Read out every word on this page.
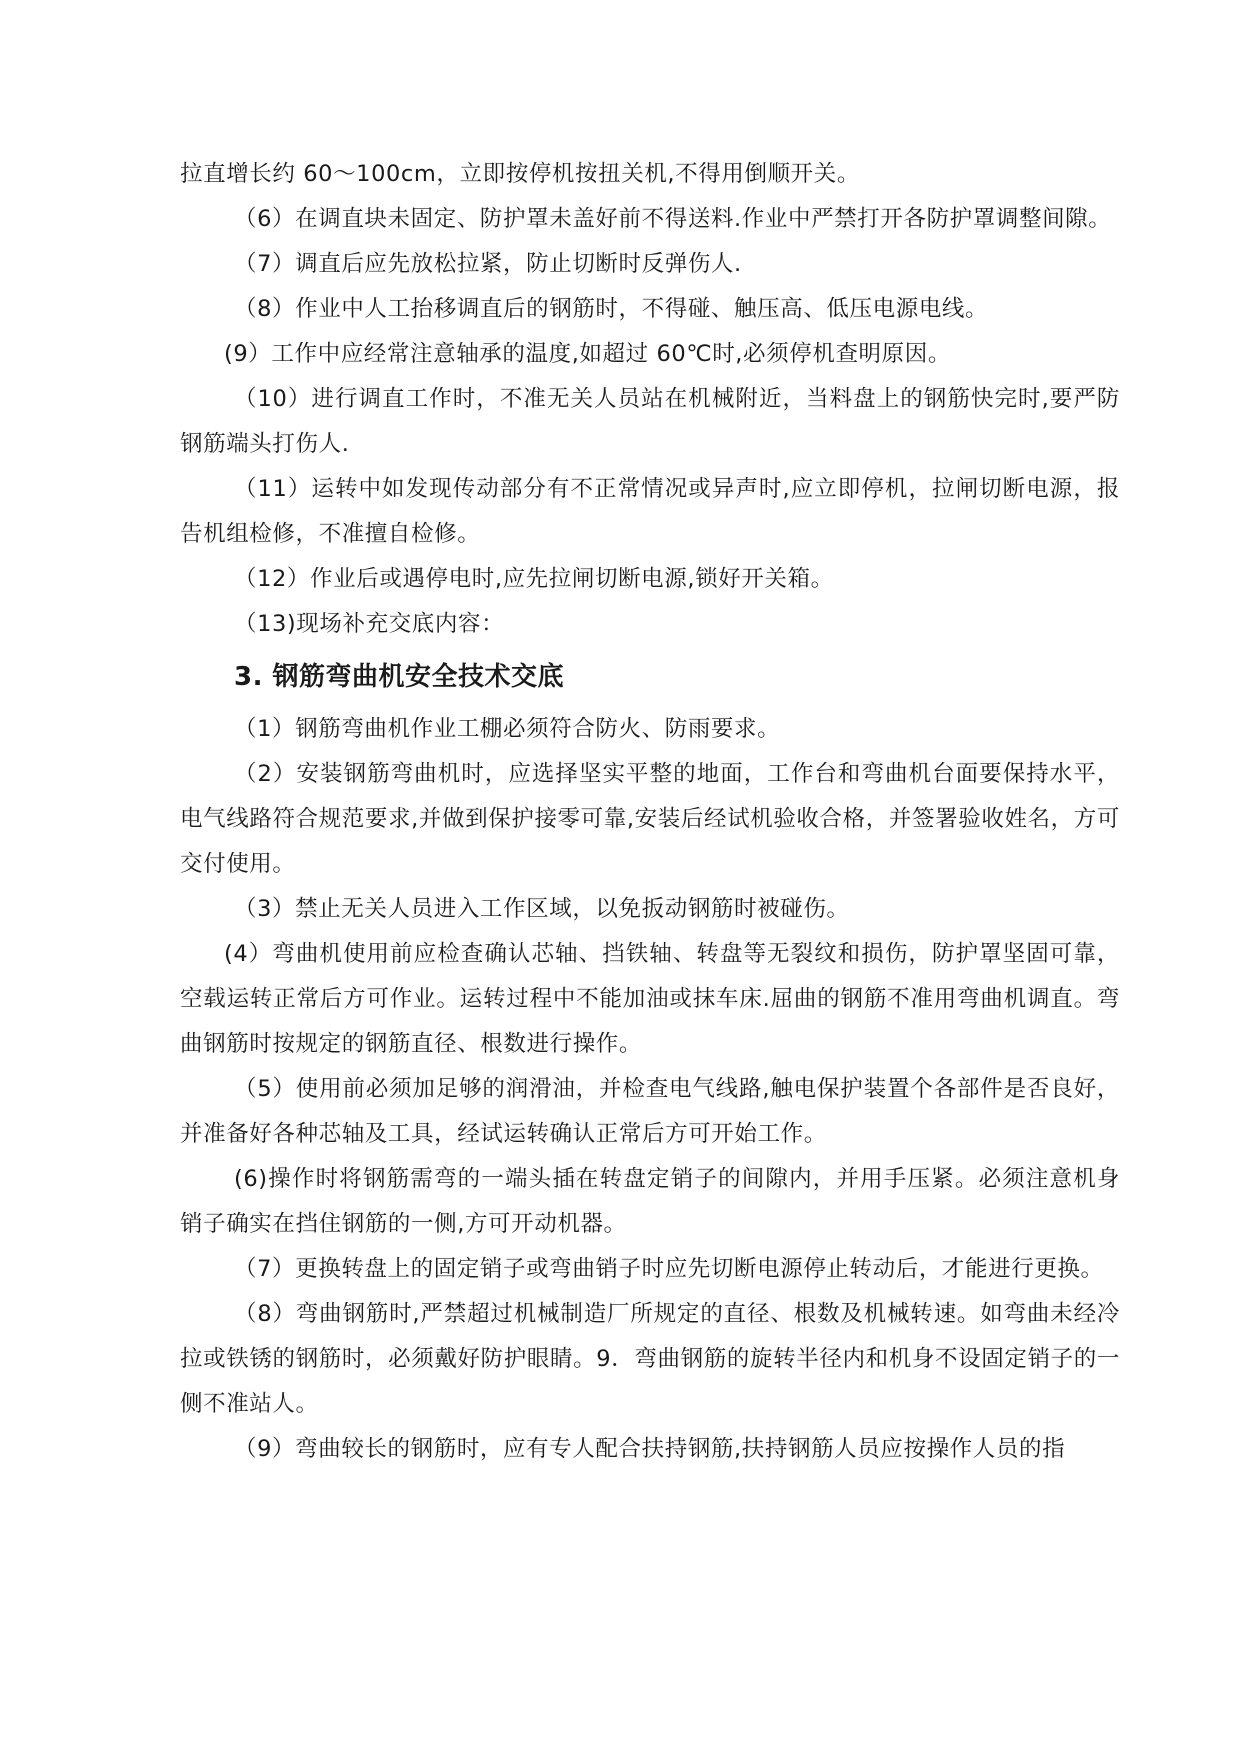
拉直增长约 60～100cm，立即按停机按扭关机,不得用倒顺开关。

（6）在调直块未固定、防护罩未盖好前不得送料.作业中严禁打开各防护罩调整间隙。

（7）调直后应先放松拉紧，防止切断时反弹伤人.

（8）作业中人工抬移调直后的钢筋时，不得碰、触压高、低压电源电线。

(9）工作中应经常注意轴承的温度,如超过 60℃时,必须停机查明原因。

（10）进行调直工作时，不准无关人员站在机械附近，当料盘上的钢筋快完时,要严防钢筋端头打伤人.

（11）运转中如发现传动部分有不正常情况或异声时,应立即停机，拉闸切断电源，报告机组检修，不准擅自检修。

（12）作业后或遇停电时,应先拉闸切断电源,锁好开关箱。

（13)现场补充交底内容：

3. 钢筋弯曲机安全技术交底

（1）钢筋弯曲机作业工棚必须符合防火、防雨要求。

（2）安装钢筋弯曲机时，应选择坚实平整的地面，工作台和弯曲机台面要保持水平，电气线路符合规范要求,并做到保护接零可靠,安装后经试机验收合格，并签署验收姓名，方可交付使用。

（3）禁止无关人员进入工作区域，以免扳动钢筋时被碰伤。

(4）弯曲机使用前应检查确认芯轴、挡铁轴、转盘等无裂纹和损伤，防护罩坚固可靠，空载运转正常后方可作业。运转过程中不能加油或抹车床.屈曲的钢筋不准用弯曲机调直。弯曲钢筋时按规定的钢筋直径、根数进行操作。

（5）使用前必须加足够的润滑油，并检查电气线路,触电保护装置个各部件是否良好，并准备好各种芯轴及工具，经试运转确认正常后方可开始工作。

(6)操作时将钢筋需弯的一端头插在转盘定销子的间隙内，并用手压紧。必须注意机身销子确实在挡住钢筋的一侧,方可开动机器。

（7）更换转盘上的固定销子或弯曲销子时应先切断电源停止转动后，才能进行更换。

（8）弯曲钢筋时,严禁超过机械制造厂所规定的直径、根数及机械转速。如弯曲未经冷拉或铁锈的钢筋时，必须戴好防护眼睛。9．弯曲钢筋的旋转半径内和机身不设固定销子的一侧不准站人。

（9）弯曲较长的钢筋时，应有专人配合扶持钢筋,扶持钢筋人员应按操作人员的指
